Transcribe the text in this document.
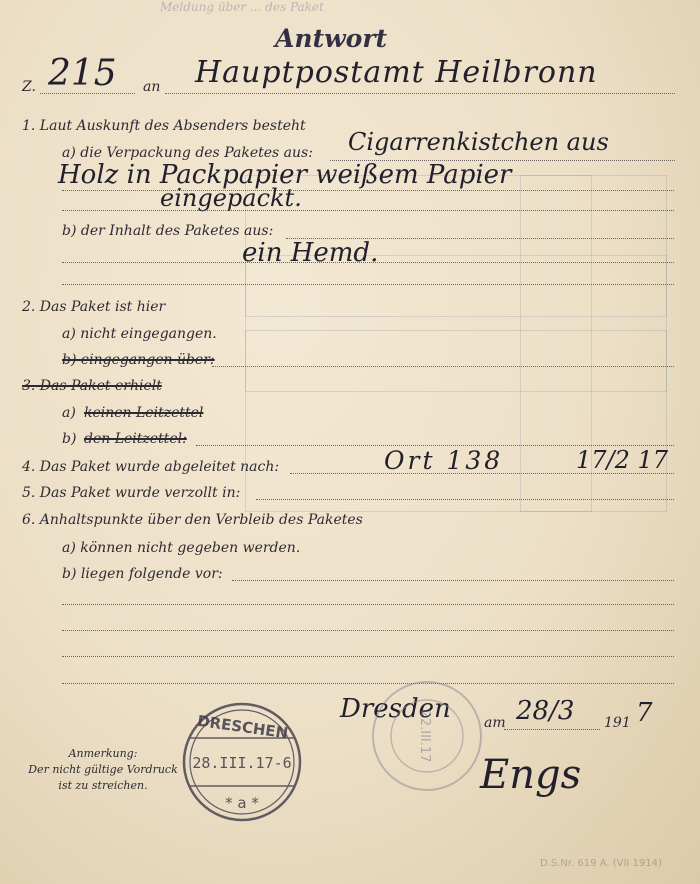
Meldung über ... des Paket
Antwort
Z. 215 an Hauptpostamt Heilbronn
1. Laut Auskunft des Absenders besteht
a) die Verpackung des Paketes aus: Cigarrenkistchen aus
Holz in Packpapier weißem Papier
eingepackt.
b) der Inhalt des Paketes aus:
ein Hemd.
2. Das Paket ist hier
a) nicht eingegangen.
b) eingegangen über:
3. Das Paket erhielt
a) keinen Leitzettel
b) den Leitzettel:
4. Das Paket wurde abgeleitet nach:	Ort 138	17/2 17
5. Das Paket wurde verzollt in:
6. Anhaltspunkte über den Verbleib des Paketes
a) können nicht gegeben werden.
b) liegen folgende vor:
Dresden am 28/3 191 7
Engs
Anmerkung:
Der nicht gültige Vordruck
ist zu streichen.
DRESCHEN
28.III.17-6
* a *
22.III.17
D.S.Nr. 619 A. (VII 1914)
